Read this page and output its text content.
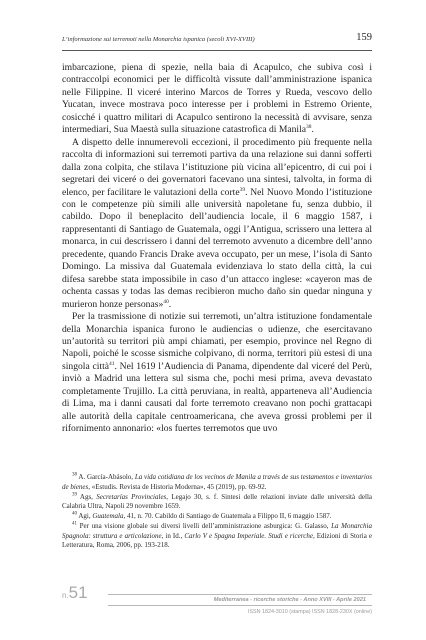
L’informazione sui terremoti nella Monarchia ispanica (secoli XVI-XVIII)	159

imbarcazione, piena di spezie, nella baia di Acapulco, che subiva così i contraccolpi economici per le difficoltà vissute dall’amministrazione ispanica nelle Filippine. Il viceré interino Marcos de Torres y Rueda, vescovo dello Yucatan, invece mostrava poco interesse per i problemi in Estremo Oriente, cosicché i quattro militari di Acapulco sentirono la necessità di avvisare, senza intermediari, Sua Maestà sulla situazione catastrofica di Manila$^{38}$.

A dispetto delle innumerevoli eccezioni, il procedimento più frequente nella raccolta di informazioni sui terremoti partiva da una relazione sui danni sofferti dalla zona colpita, che stilava l’istituzione più vicina all’epicentro, di cui poi i segretari dei viceré o dei governatori facevano una sintesi, talvolta, in forma di elenco, per facilitare le valutazioni della corte$^{39}$. Nel Nuovo Mondo l’istituzione con le competenze più simili alle università napoletane fu, senza dubbio, il cabildo. Dopo il beneplacito dell’audiencia locale, il 6 maggio 1587, i rappresentanti di Santiago de Guatemala, oggi l’Antigua, scrissero una lettera al monarca, in cui descrissero i danni del terremoto avvenuto a dicembre dell’anno precedente, quando Francis Drake aveva occupato, per un mese, l’isola di Santo Domingo. La missiva dal Guatemala evidenziava lo stato della città, la cui difesa sarebbe stata impossibile in caso d’un attacco inglese: «cayeron mas de ochenta cassas y todas las demas recibieron mucho daño sin quedar ninguna y murieron honze personas»$^{40}$.

Per la trasmissione di notizie sui terremoti, un’altra istituzione fondamentale della Monarchia ispanica furono le audiencias o udienze, che esercitavano un’autorità su territori più ampi chiamati, per esempio, province nel Regno di Napoli, poiché le scosse sismiche colpivano, di norma, territori più estesi di una singola città$^{41}$. Nel 1619 l’Audiencia di Panama, dipendente dal viceré del Perù, inviò a Madrid una lettera sul sisma che, pochi mesi prima, aveva devastato completamente Trujillo. La città peruviana, in realtà, apparteneva all’Audiencia di Lima, ma i danni causati dal forte terremoto creavano non pochi grattacapi alle autorità della capitale centroamericana, che aveva grossi problemi per il rifornimento annonario: «los fuertes terremotos que uvo

$^{38}$ A. García-Abásolo, La vida cotidiana de los vecinos de Manila a través de sus testamentos e inventarios de bienes, «Estudis. Revista de Historia Moderna», 45 (2019), pp. 69-92.

$^{39}$ Ags, Secretarías Provinciales, Legajo 30, s. f. Sintesi delle relazioni inviate dalle università della Calabria Ultra, Napoli 29 novembre 1659.

$^{40}$ Agi, Guatemala, 41, n. 70. Cabildo di Santiago de Guatemala a Filippo II, 6 maggio 1587.

$^{41}$ Per una visione globale sui diversi livelli dell’amministrazione asburgica: G. Galasso, La Monarchia Spagnola: struttura e articolazione, in Id., Carlo V e Spagna Imperiale. Studi e ricerche, Edizioni di Storia e Letteratura, Roma, 2006, pp. 193-218.

n.51	Mediterranea - ricerche storiche - Anno XVIII - Aprile 2021
ISSN 1824-3010 (stampa) ISSN 1828-230X (online)
